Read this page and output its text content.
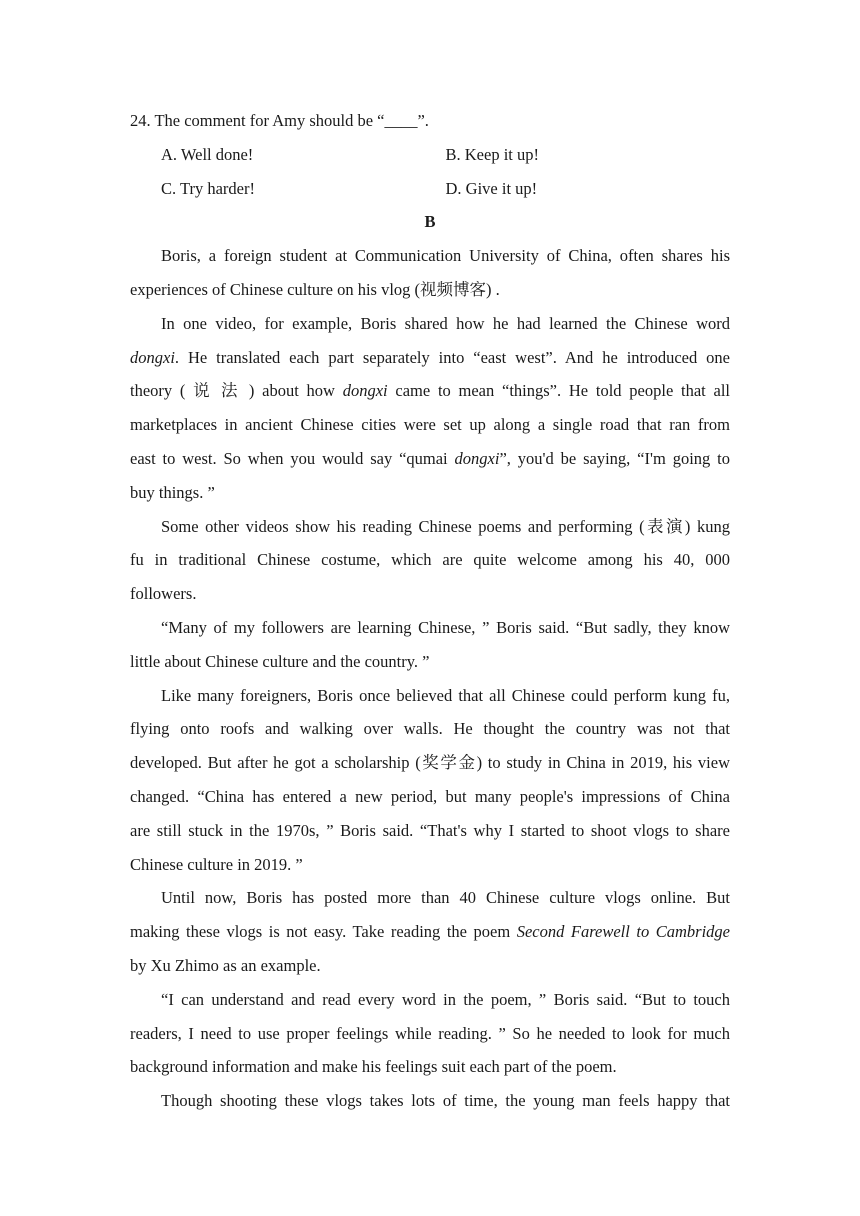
24. The comment for Amy should be “____”.
A. Well done!	B. Keep it up!
C. Try harder!	D. Give it up!
B
Boris, a foreign student at Communication University of China, often shares his
experiences of Chinese culture on his vlog (视频博客) .
In one video, for example, Boris shared how he had learned the Chinese word
dongxi. He translated each part separately into “east west”. And he introduced one
theory ( 说 法 ) about how dongxi came to mean “things”. He told people that all
marketplaces in ancient Chinese cities were set up along a single road that ran from
east to west. So when you would say “qumai dongxi”, you'd be saying, “I'm going to
buy things. ”
Some other videos show his reading Chinese poems and performing (表演) kung
fu in traditional Chinese costume, which are quite welcome among his 40, 000
followers.
“Many of my followers are learning Chinese, ” Boris said. “But sadly, they know
little about Chinese culture and the country. ”
Like many foreigners, Boris once believed that all Chinese could perform kung fu,
flying onto roofs and walking over walls. He thought the country was not that
developed. But after he got a scholarship (奖学金) to study in China in 2019, his view
changed. “China has entered a new period, but many people's impressions of China
are still stuck in the 1970s, ” Boris said. “That's why I started to shoot vlogs to share
Chinese culture in 2019. ”
Until now, Boris has posted more than 40 Chinese culture vlogs online. But
making these vlogs is not easy. Take reading the poem Second Farewell to Cambridge
by Xu Zhimo as an example.
“I can understand and read every word in the poem, ” Boris said. “But to touch
readers, I need to use proper feelings while reading. ” So he needed to look for much
background information and make his feelings suit each part of the poem.
Though shooting these vlogs takes lots of time, the young man feels happy that
